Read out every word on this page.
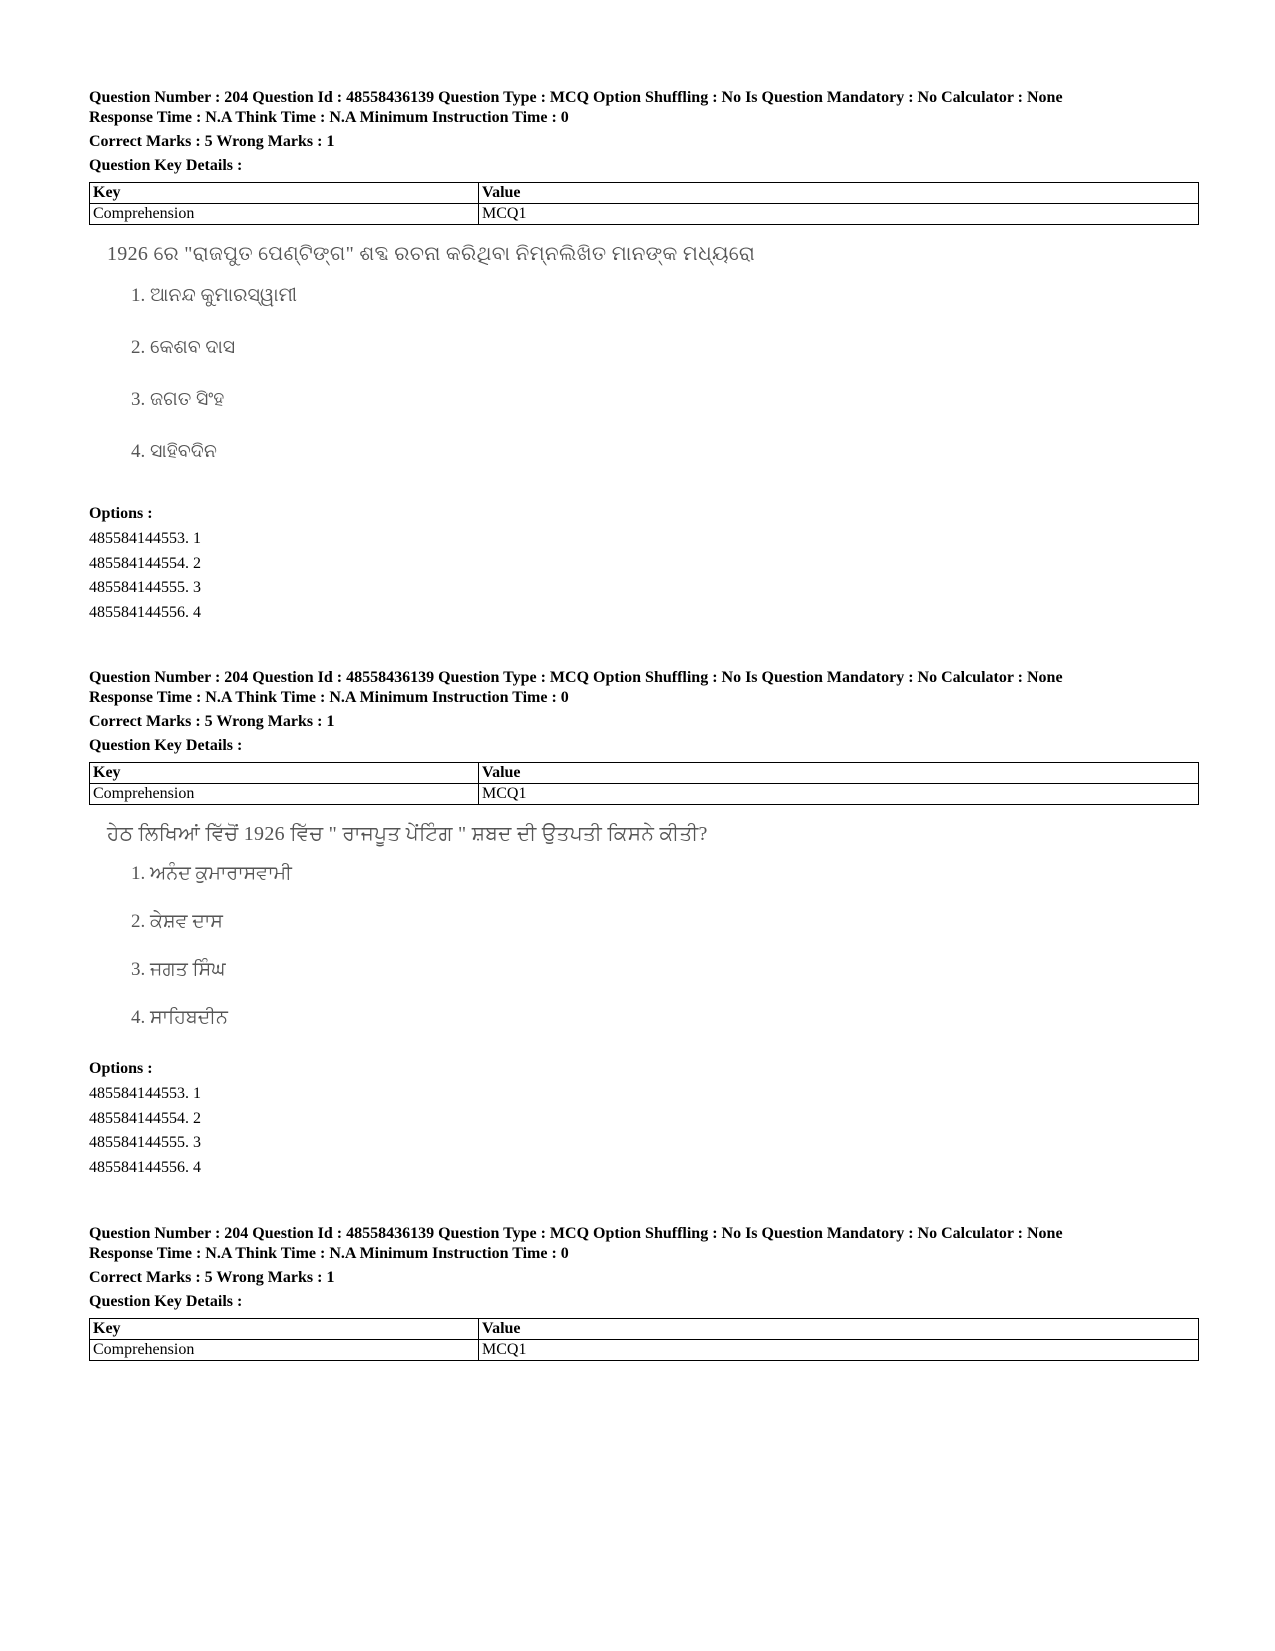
Question Number : 204 Question Id : 48558436139 Question Type : MCQ Option Shuffling : No Is Question Mandatory : No Calculator : None
Response Time : N.A Think Time : N.A Minimum Instruction Time : 0
Correct Marks : 5 Wrong Marks : 1
Question Key Details :
Key	Value
Comprehension	MCQ1
1926 ରେ "ରାଜପୁତ ପେଣ୍ଟିଙ୍ଗ" ଶବ୍ଦ ରଚନା କରିଥିବା ନିମ୍ନଲିଖିତ ମାନଙ୍କ ମଧ୍ୟରୋ
1. ଆନନ୍ଦ କୁମାରସ୍ୱାମୀ
2. କେଶବ ଦାସ
3. ଜଗତ ସିଂହ
4. ସାହିବଦିନ
Options :
485584144553. 1
485584144554. 2
485584144555. 3
485584144556. 4
Question Number : 204 Question Id : 48558436139 Question Type : MCQ Option Shuffling : No Is Question Mandatory : No Calculator : None
Response Time : N.A Think Time : N.A Minimum Instruction Time : 0
Correct Marks : 5 Wrong Marks : 1
Question Key Details :
Key	Value
Comprehension	MCQ1
ਹੇਠ ਲਿਖਿਆਂ ਵਿੱਚੋਂ 1926 ਵਿੱਚ " ਰਾਜਪੂਤ ਪੇਂਟਿੰਗ " ਸ਼ਬਦ ਦੀ ਉਤਪਤੀ ਕਿਸਨੇ ਕੀਤੀ?
1. ਅਨੰਦ ਕੁਮਾਰਾਸਵਾਮੀ
2. ਕੇਸ਼ਵ ਦਾਸ
3. ਜਗਤ ਸਿੰਘ
4. ਸਾਹਿਬਦੀਨ
Options :
485584144553. 1
485584144554. 2
485584144555. 3
485584144556. 4
Question Number : 204 Question Id : 48558436139 Question Type : MCQ Option Shuffling : No Is Question Mandatory : No Calculator : None
Response Time : N.A Think Time : N.A Minimum Instruction Time : 0
Correct Marks : 5 Wrong Marks : 1
Question Key Details :
Key	Value
Comprehension	MCQ1
